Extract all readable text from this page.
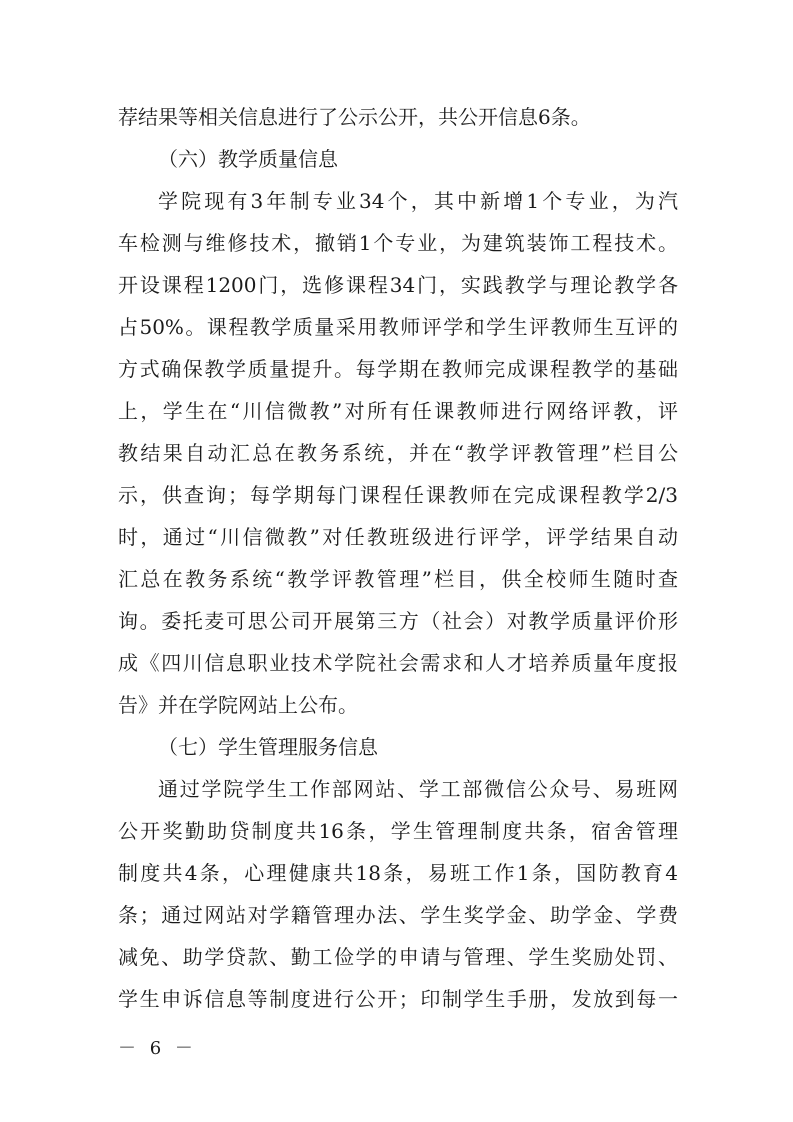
荐结果等相关信息进行了公示公开，共公开信息6条。
（六）教学质量信息
学院现有3年制专业34个，其中新增1个专业，为汽
车检测与维修技术，撤销1个专业，为建筑装饰工程技术。
开设课程1200门，选修课程34门，实践教学与理论教学各
占50%。课程教学质量采用教师评学和学生评教师生互评的
方式确保教学质量提升。每学期在教师完成课程教学的基础
上，学生在“川信微教”对所有任课教师进行网络评教，评
教结果自动汇总在教务系统，并在“教学评教管理”栏目公
示，供查询；每学期每门课程任课教师在完成课程教学2/3
时，通过“川信微教”对任教班级进行评学，评学结果自动
汇总在教务系统“教学评教管理”栏目，供全校师生随时查
询。委托麦可思公司开展第三方（社会）对教学质量评价形
成《四川信息职业技术学院社会需求和人才培养质量年度报
告》并在学院网站上公布。
（七）学生管理服务信息
通过学院学生工作部网站、学工部微信公众号、易班网
公开奖勤助贷制度共16条，学生管理制度共条，宿舍管理
制度共4条，心理健康共18条，易班工作1条，国防教育4
条；通过网站对学籍管理办法、学生奖学金、助学金、学费
减免、助学贷款、勤工俭学的申请与管理、学生奖励处罚、
学生申诉信息等制度进行公开；印制学生手册，发放到每一
－ 6 －
